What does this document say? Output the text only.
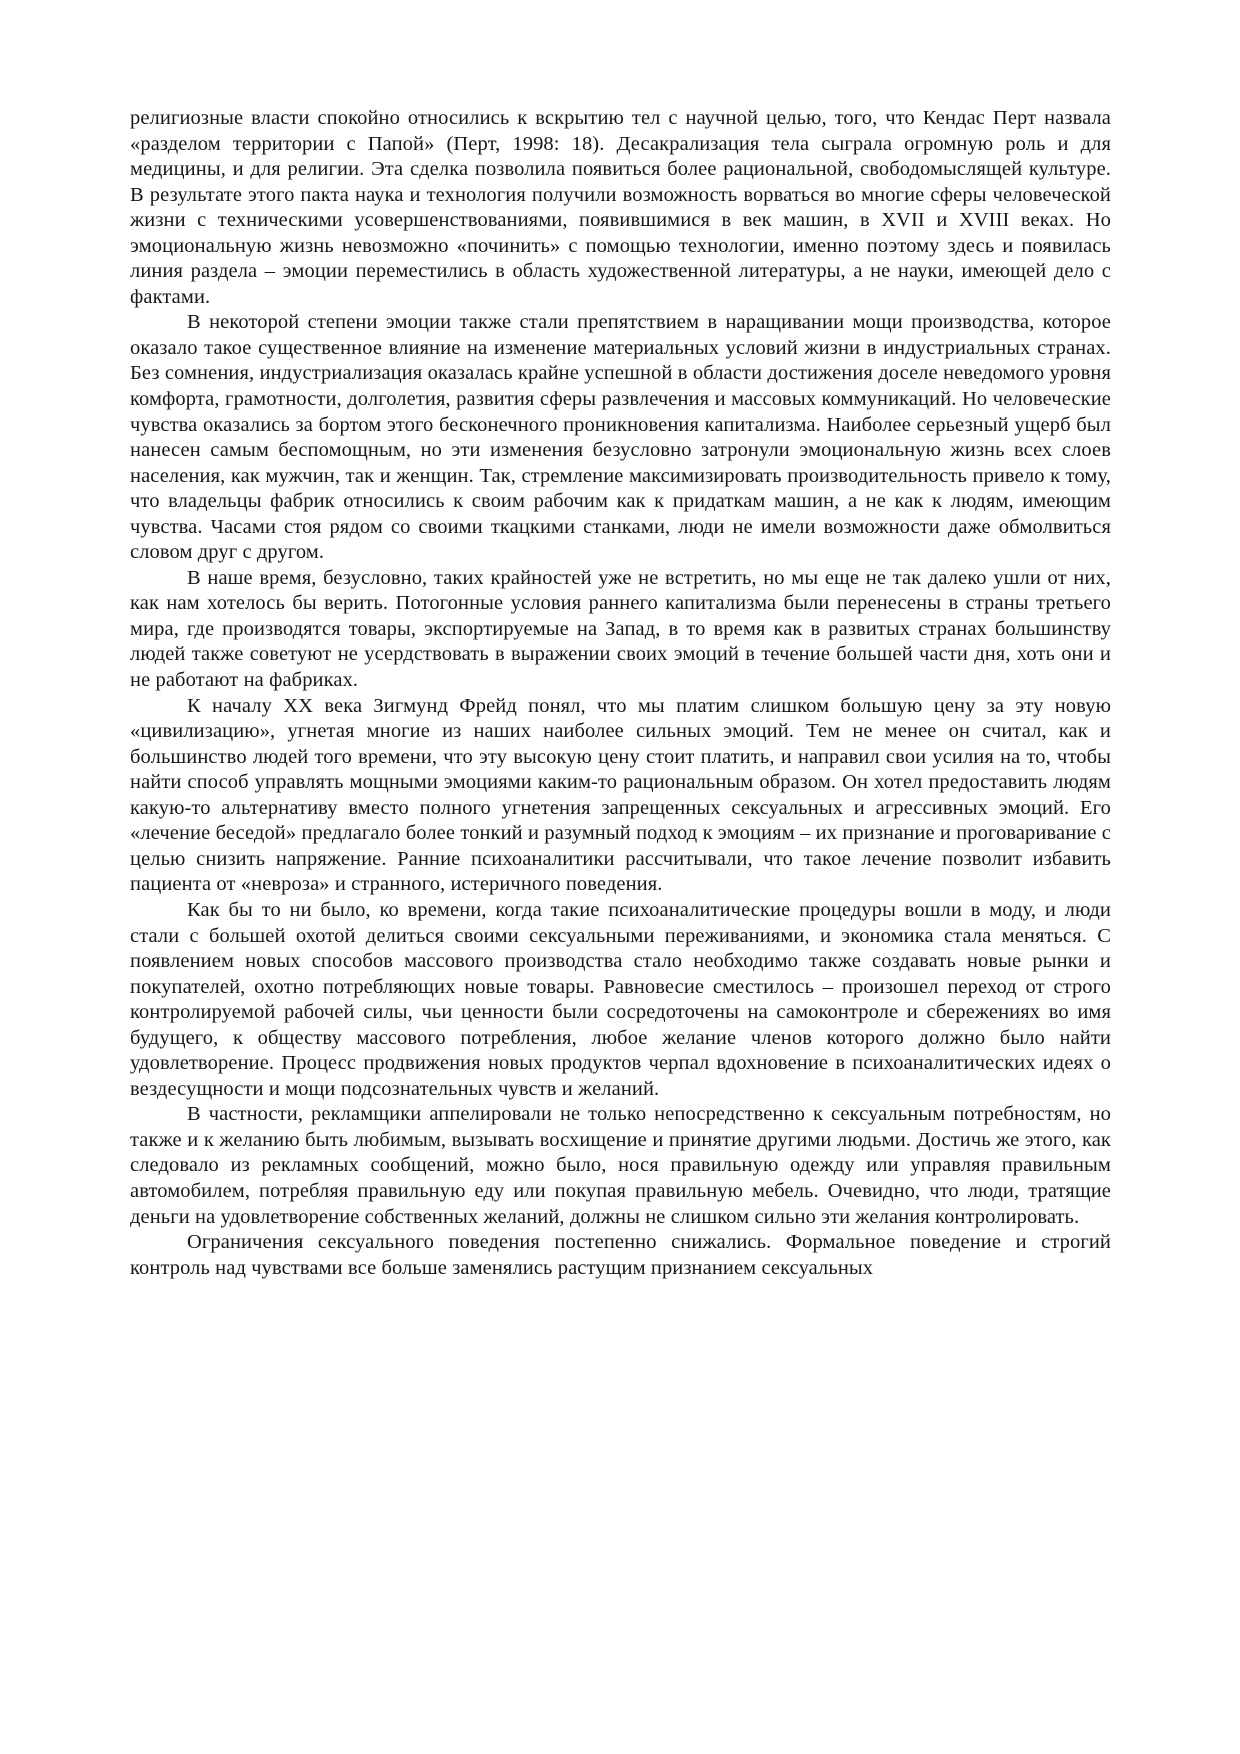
религиозные власти спокойно относились к вскрытию тел с научной целью, того, что Кендас Перт назвала «разделом территории с Папой» (Перт, 1998: 18). Десакрализация тела сыграла огромную роль и для медицины, и для религии. Эта сделка позволила появиться более рациональной, свободомыслящей культуре. В результате этого пакта наука и технология получили возможность ворваться во многие сферы человеческой жизни с техническими усовершенствованиями, появившимися в век машин, в XVII и XVIII веках. Но эмоциональную жизнь невозможно «починить» с помощью технологии, именно поэтому здесь и появилась линия раздела – эмоции переместились в область художественной литературы, а не науки, имеющей дело с фактами.

В некоторой степени эмоции также стали препятствием в наращивании мощи производства, которое оказало такое существенное влияние на изменение материальных условий жизни в индустриальных странах. Без сомнения, индустриализация оказалась крайне успешной в области достижения доселе неведомого уровня комфорта, грамотности, долголетия, развития сферы развлечения и массовых коммуникаций. Но человеческие чувства оказались за бортом этого бесконечного проникновения капитализма. Наиболее серьезный ущерб был нанесен самым беспомощным, но эти изменения безусловно затронули эмоциональную жизнь всех слоев населения, как мужчин, так и женщин. Так, стремление максимизировать производительность привело к тому, что владельцы фабрик относились к своим рабочим как к придаткам машин, а не как к людям, имеющим чувства. Часами стоя рядом со своими ткацкими станками, люди не имели возможности даже обмолвиться словом друг с другом.

В наше время, безусловно, таких крайностей уже не встретить, но мы еще не так далеко ушли от них, как нам хотелось бы верить. Потогонные условия раннего капитализма были перенесены в страны третьего мира, где производятся товары, экспортируемые на Запад, в то время как в развитых странах большинству людей также советуют не усердствовать в выражении своих эмоций в течение большей части дня, хоть они и не работают на фабриках.

К началу XX века Зигмунд Фрейд понял, что мы платим слишком большую цену за эту новую «цивилизацию», угнетая многие из наших наиболее сильных эмоций. Тем не менее он считал, как и большинство людей того времени, что эту высокую цену стоит платить, и направил свои усилия на то, чтобы найти способ управлять мощными эмоциями каким-то рациональным образом. Он хотел предоставить людям какую-то альтернативу вместо полного угнетения запрещенных сексуальных и агрессивных эмоций. Его «лечение беседой» предлагало более тонкий и разумный подход к эмоциям – их признание и проговаривание с целью снизить напряжение. Ранние психоаналитики рассчитывали, что такое лечение позволит избавить пациента от «невроза» и странного, истеричного поведения.

Как бы то ни было, ко времени, когда такие психоаналитические процедуры вошли в моду, и люди стали с большей охотой делиться своими сексуальными переживаниями, и экономика стала меняться. С появлением новых способов массового производства стало необходимо также создавать новые рынки и покупателей, охотно потребляющих новые товары. Равновесие сместилось – произошел переход от строго контролируемой рабочей силы, чьи ценности были сосредоточены на самоконтроле и сбережениях во имя будущего, к обществу массового потребления, любое желание членов которого должно было найти удовлетворение. Процесс продвижения новых продуктов черпал вдохновение в психоаналитических идеях о вездесущности и мощи подсознательных чувств и желаний.

В частности, рекламщики аппелировали не только непосредственно к сексуальным потребностям, но также и к желанию быть любимым, вызывать восхищение и принятие другими людьми. Достичь же этого, как следовало из рекламных сообщений, можно было, нося правильную одежду или управляя правильным автомобилем, потребляя правильную еду или покупая правильную мебель. Очевидно, что люди, тратящие деньги на удовлетворение собственных желаний, должны не слишком сильно эти желания контролировать.

Ограничения сексуального поведения постепенно снижались. Формальное поведение и строгий контроль над чувствами все больше заменялись растущим признанием сексуальных
